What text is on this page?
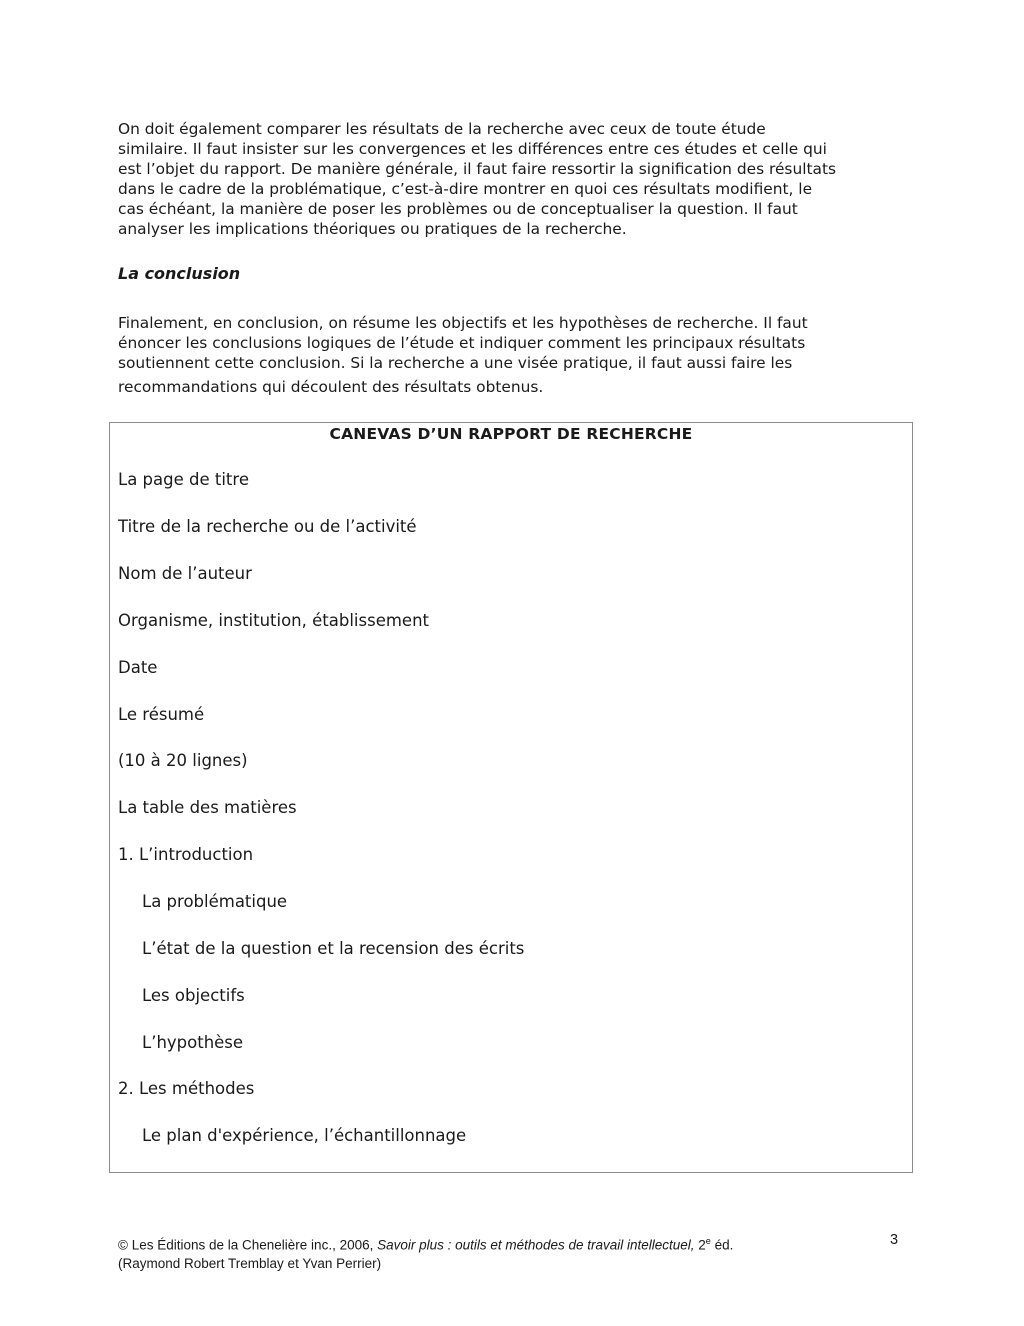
On doit également comparer les résultats de la recherche avec ceux de toute étude
similaire. Il faut insister sur les convergences et les différences entre ces études et celle qui
est l’objet du rapport. De manière générale, il faut faire ressortir la signification des résultats
dans le cadre de la problématique, c’est-à-dire montrer en quoi ces résultats modifient, le
cas échéant, la manière de poser les problèmes ou de conceptualiser la question. Il faut
analyser les implications théoriques ou pratiques de la recherche.
La conclusion
Finalement, en conclusion, on résume les objectifs et les hypothèses de recherche. Il faut
énoncer les conclusions logiques de l’étude et indiquer comment les principaux résultats
soutiennent cette conclusion. Si la recherche a une visée pratique, il faut aussi faire les
recommandations qui découlent des résultats obtenus.
CANEVAS D’UN RAPPORT DE RECHERCHE
La page de titre
Titre de la recherche ou de l’activité
Nom de l’auteur
Organisme, institution, établissement
Date
Le résumé
(10 à 20 lignes)
La table des matières
1. L’introduction
La problématique
L’état de la question et la recension des écrits
Les objectifs
L’hypothèse
2. Les méthodes
Le plan d'expérience, l’échantillonnage
© Les Éditions de la Chenelière inc., 2006, Savoir plus : outils et méthodes de travail intellectuel, 2e éd.
(Raymond Robert Tremblay et Yvan Perrier)
3
